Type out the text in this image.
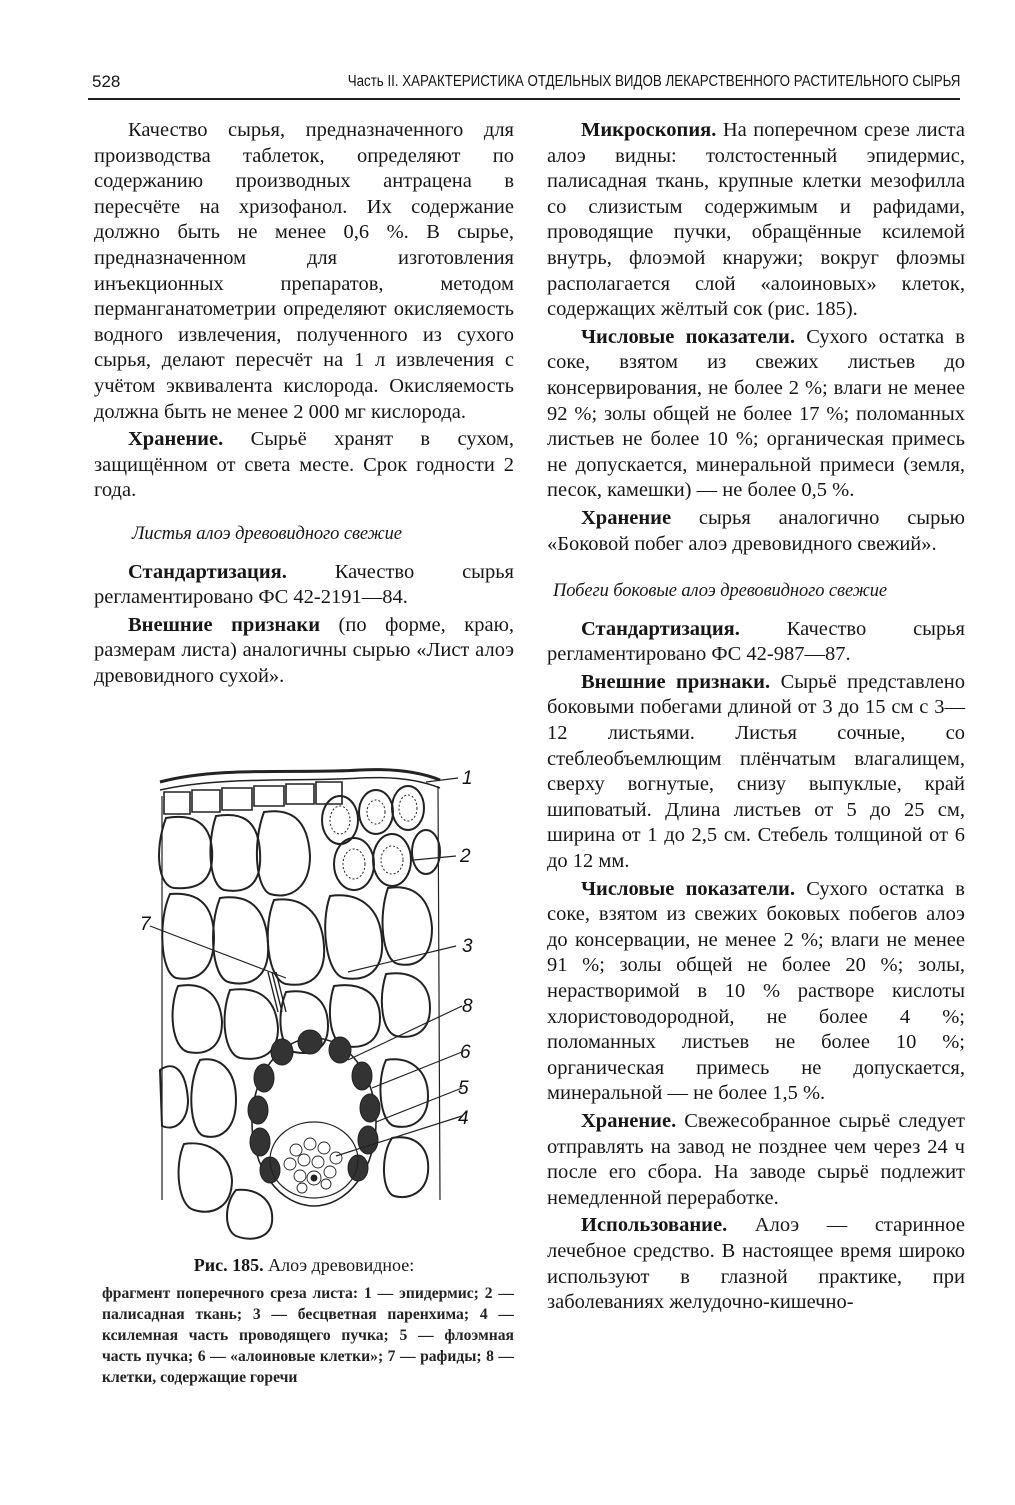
528	Часть II. ХАРАКТЕРИСТИКА ОТДЕЛЬНЫХ ВИДОВ ЛЕКАРСТВЕННОГО РАСТИТЕЛЬНОГО СЫРЬЯ

Качество сырья, предназначенного для производства таблеток, определяют по содержанию производных антрацена в пересчёте на хризофанол. Их содержание должно быть не менее 0,6 %. В сырье, предназначенном для изготовления инъекционных препаратов, методом перманганатометрии определяют окисляемость водного извлечения, полученного из сухого сырья, делают пересчёт на 1 л извлечения с учётом эквивалента кислорода. Окисляемость должна быть не менее 2 000 мг кислорода.

Хранение. Сырьё хранят в сухом, защищённом от света месте. Срок годности 2 года.

Листья алоэ древовидного свежие

Стандартизация. Качество сырья регламентировано ФС 42-2191—84.

Внешние признаки (по форме, краю, размерам листа) аналогичны сырью «Лист алоэ древовидного сухой».

1
2
3
4
5
6
7
8
Рис. 185. Алоэ древовидное:
фрагмент поперечного среза листа: 1 — эпидермис; 2 — палисадная ткань; 3 — бесцветная паренхима; 4 — ксилемная часть проводящего пучка; 5 — флоэмная часть пучка; 6 — «алоиновые клетки»; 7 — рафиды; 8 — клетки, содержащие горечи

Микроскопия. На поперечном срезе листа алоэ видны: толстостенный эпидермис, палисадная ткань, крупные клетки мезофилла со слизистым содержимым и рафидами, проводящие пучки, обращённые ксилемой внутрь, флоэмой кнаружи; вокруг флоэмы располагается слой «алоиновых» клеток, содержащих жёлтый сок (рис. 185).

Числовые показатели. Сухого остатка в соке, взятом из свежих листьев до консервирования, не более 2 %; влаги не менее 92 %; золы общей не более 17 %; поломанных листьев не более 10 %; органическая примесь не допускается, минеральной примеси (земля, песок, камешки) — не более 0,5 %.

Хранение сырья аналогично сырью «Боковой побег алоэ древовидного свежий».

Побеги боковые алоэ древовидного свежие

Стандартизация. Качество сырья регламентировано ФС 42-987—87.

Внешние признаки. Сырьё представлено боковыми побегами длиной от 3 до 15 см с 3—12 листьями. Листья сочные, со стеблеобъемлющим плёнчатым влагалищем, сверху вогнутые, снизу выпуклые, край шиповатый. Длина листьев от 5 до 25 см, ширина от 1 до 2,5 см. Стебель толщиной от 6 до 12 мм.

Числовые показатели. Сухого остатка в соке, взятом из свежих боковых побегов алоэ до консервации, не менее 2 %; влаги не менее 91 %; золы общей не более 20 %; золы, нерастворимой в 10 % растворе кислоты хлористоводородной, не более 4 %; поломанных листьев не более 10 %; органическая примесь не допускается, минеральной — не более 1,5 %.

Хранение. Свежесобранное сырьё следует отправлять на завод не позднее чем через 24 ч после его сбора. На заводе сырьё подлежит немедленной переработке.

Использование. Алоэ — старинное лечебное средство. В настоящее время широко используют в глазной практике, при заболеваниях желудочно-кишечно-
